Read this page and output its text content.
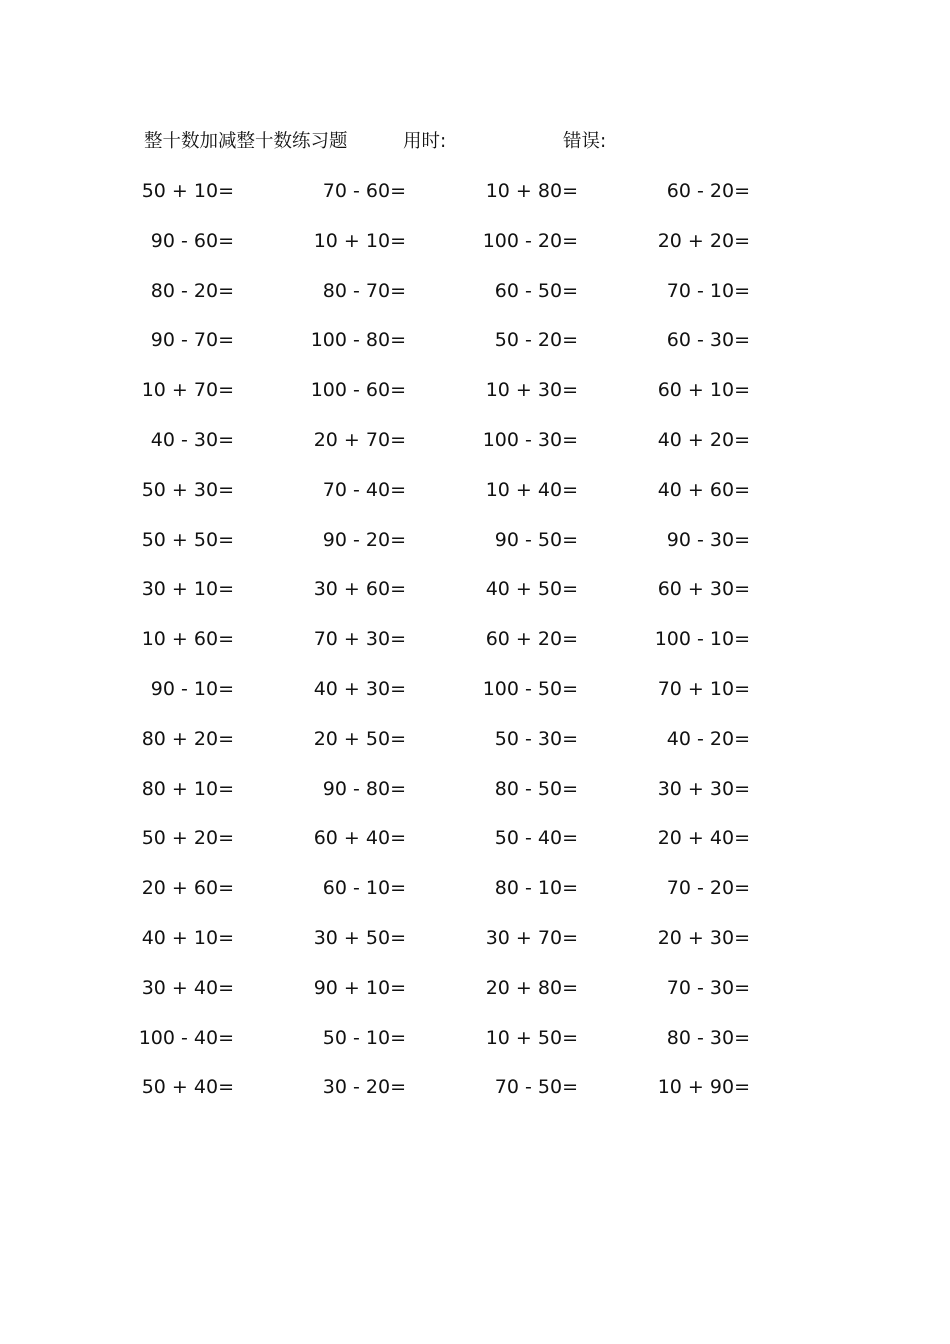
整十数加减整十数练习题	用时:	错误:
50 + 10=	70 - 60=	10 + 80=	60 - 20=
90 - 60=	10 + 10=	100 - 20=	20 + 20=
80 - 20=	80 - 70=	60 - 50=	70 - 10=
90 - 70=	100 - 80=	50 - 20=	60 - 30=
10 + 70=	100 - 60=	10 + 30=	60 + 10=
40 - 30=	20 + 70=	100 - 30=	40 + 20=
50 + 30=	70 - 40=	10 + 40=	40 + 60=
50 + 50=	90 - 20=	90 - 50=	90 - 30=
30 + 10=	30 + 60=	40 + 50=	60 + 30=
10 + 60=	70 + 30=	60 + 20=	100 - 10=
90 - 10=	40 + 30=	100 - 50=	70 + 10=
80 + 20=	20 + 50=	50 - 30=	40 - 20=
80 + 10=	90 - 80=	80 - 50=	30 + 30=
50 + 20=	60 + 40=	50 - 40=	20 + 40=
20 + 60=	60 - 10=	80 - 10=	70 - 20=
40 + 10=	30 + 50=	30 + 70=	20 + 30=
30 + 40=	90 + 10=	20 + 80=	70 - 30=
100 - 40=	50 - 10=	10 + 50=	80 - 30=
50 + 40=	30 - 20=	70 - 50=	10 + 90=
